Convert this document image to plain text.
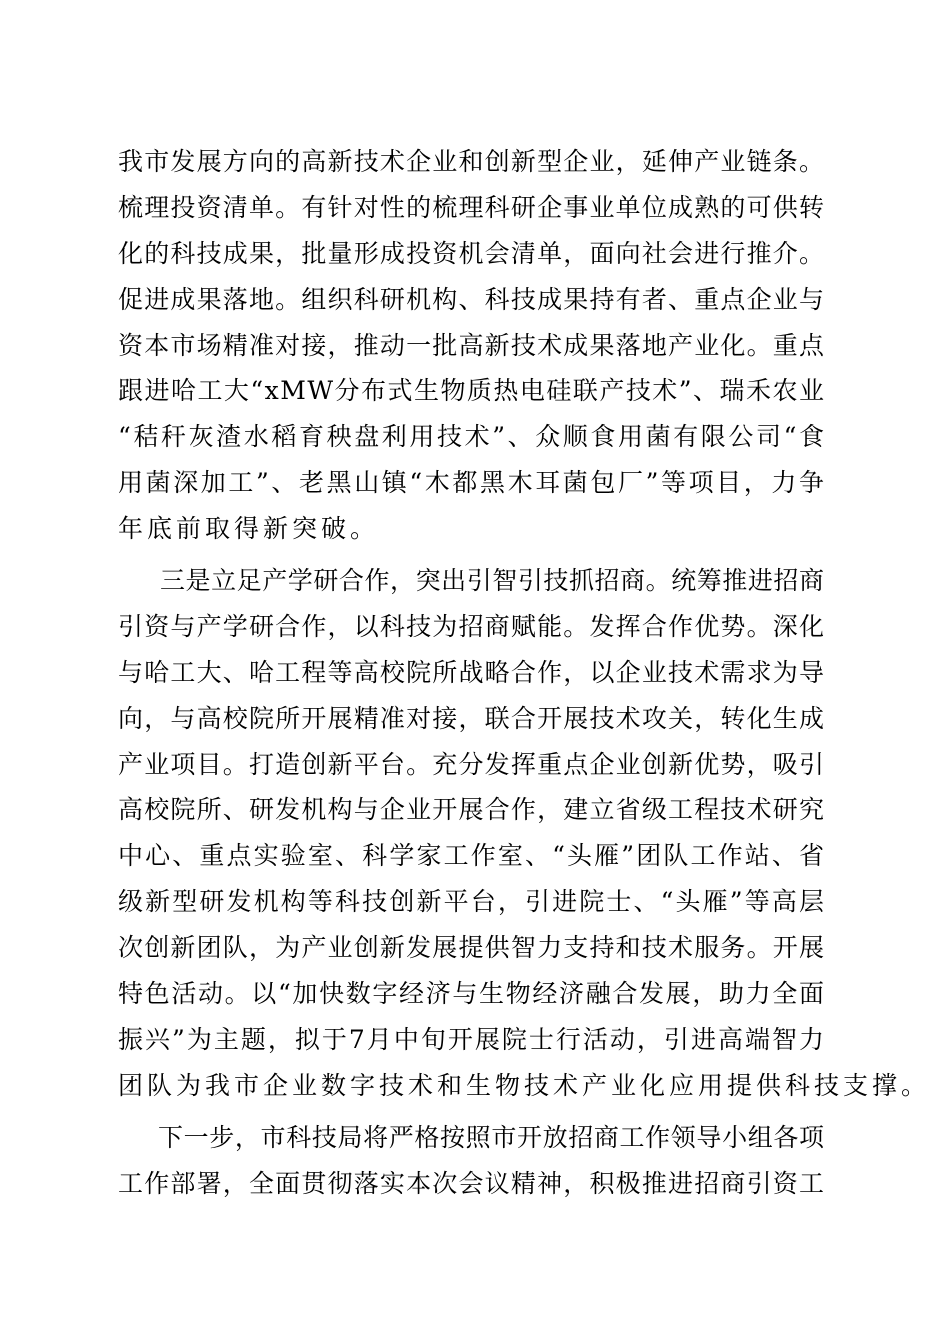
我市发展方向的高新技术企业和创新型企业，延伸产业链条。
梳理投资清单。有针对性的梳理科研企事业单位成熟的可供转
化的科技成果，批量形成投资机会清单，面向社会进行推介。
促进成果落地。组织科研机构、科技成果持有者、重点企业与
资本市场精准对接，推动一批高新技术成果落地产业化。重点
跟进哈工大“xMW分布式生物质热电硅联产技术”、瑞禾农业
“秸秆灰渣水稻育秧盘利用技术”、众顺食用菌有限公司“食
用菌深加工”、老黑山镇“木都黑木耳菌包厂”等项目，力争
年底前取得新突破。
三是立足产学研合作，突出引智引技抓招商。统筹推进招商
引资与产学研合作，以科技为招商赋能。发挥合作优势。深化
与哈工大、哈工程等高校院所战略合作，以企业技术需求为导
向，与高校院所开展精准对接，联合开展技术攻关，转化生成
产业项目。打造创新平台。充分发挥重点企业创新优势，吸引
高校院所、研发机构与企业开展合作，建立省级工程技术研究
中心、重点实验室、科学家工作室、“头雁”团队工作站、省
级新型研发机构等科技创新平台，引进院士、“头雁”等高层
次创新团队，为产业创新发展提供智力支持和技术服务。开展
特色活动。以“加快数字经济与生物经济融合发展，助力全面
振兴”为主题，拟于7月中旬开展院士行活动，引进高端智力
团队为我市企业数字技术和生物技术产业化应用提供科技支撑。
下一步，市科技局将严格按照市开放招商工作领导小组各项
工作部署，全面贯彻落实本次会议精神，积极推进招商引资工
